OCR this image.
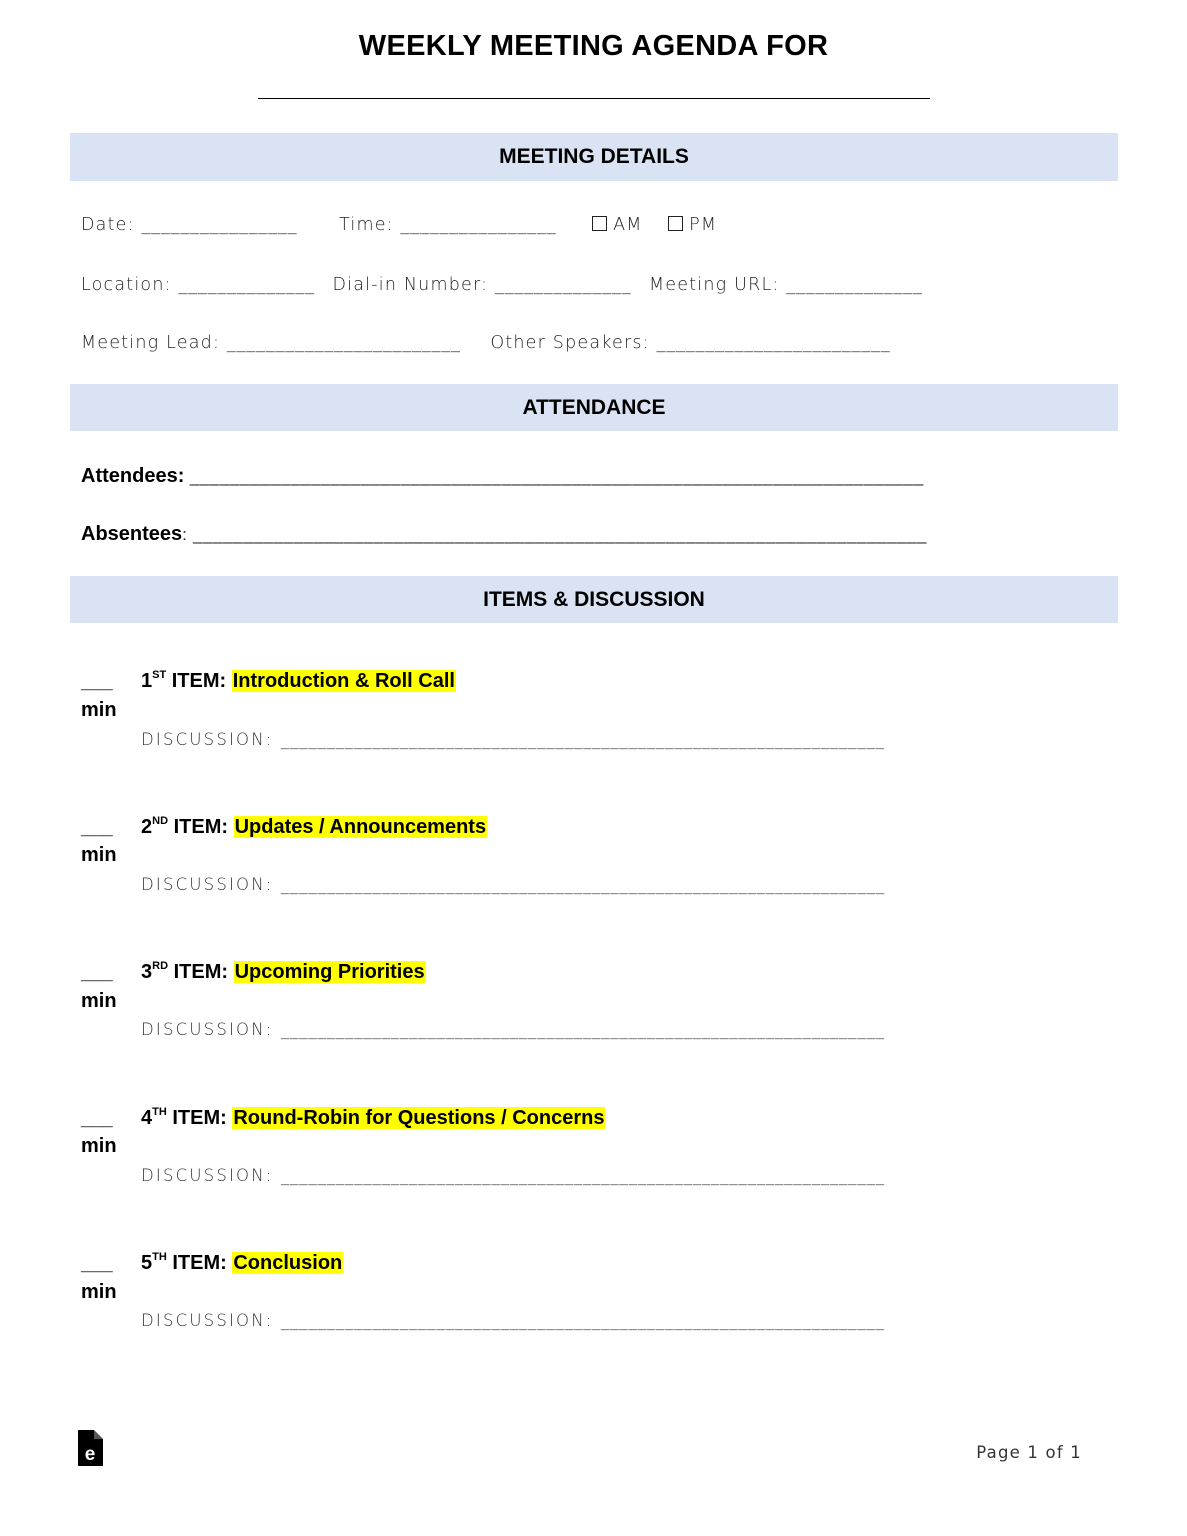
WEEKLY MEETING AGENDA FOR
MEETING DETAILS
Date: ________________ Time: ________________	AM	PM
Location: ______________ Dial-in Number: ______________ Meeting URL: ______________
Meeting Lead: ________________________ Other Speakers: ________________________
ATTENDANCE
Attendees: _________________________________________________________________________
Absentees: _________________________________________________________________________
ITEMS & DISCUSSION
___
min
1ST ITEM: Introduction & Roll Call
DISCUSSION: __________________________________________________________________
___
min
2ND ITEM: Updates / Announcements
DISCUSSION: __________________________________________________________________
___
min
3RD ITEM: Upcoming Priorities
DISCUSSION: __________________________________________________________________
___
min
4TH ITEM: Round-Robin for Questions / Concerns
DISCUSSION: __________________________________________________________________
___
min
5TH ITEM: Conclusion
DISCUSSION: __________________________________________________________________
e	Page 1 of 1
